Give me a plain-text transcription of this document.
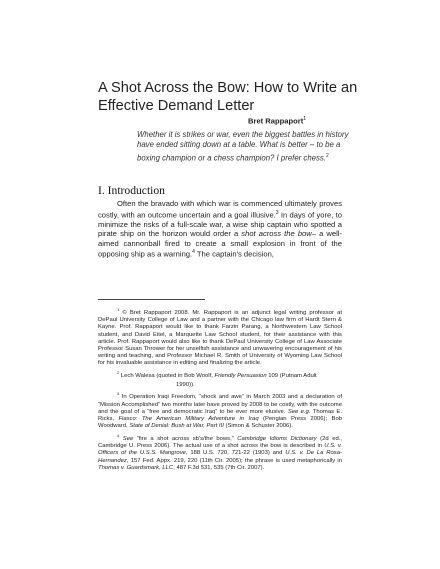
A Shot Across the Bow: How to Write an Effective Demand Letter
Bret Rappaport$^1$
Whether it is strikes or war, even the biggest battles in history have ended sitting down at a table. What is better – to be a boxing champion or a chess champion? I prefer chess.$^2$
I. Introduction

Often the bravado with which war is commenced ultimately proves costly, with an outcome uncertain and a goal illusive.$^3$ In days of yore, to minimize the risks of a full-scale war, a wise ship captain who spotted a pirate ship on the horizon would order a shot across the bow– a well-aimed cannonball fired to create a small explosion in front of the opposing ship as a warning.$^4$ The captain's decision,

$^1$ © Bret Rappaport 2008. Mr. Rappaport is an adjunct legal writing professor at DePaul University College of Law and a partner with the Chicago law firm of Hardt Stern & Kayne. Prof. Rappaport would like to thank Farzin Parang, a Northwestern Law School student, and David Eitel, a Marquette Law School student, for their assistance with this article. Prof. Rappaport would also like to thank DePaul University College of Law Associate Professor Susan Thrower for her unselfish assistance and unwavering encouragement of his writing and teaching, and Professor Michael R. Smith of University of Wyoming Law School for his invaluable assistance in editing and finalizing the article.

$^2$ Lech Walesa (quoted in Bob Woolf, Friendly Persuasion 109 (Putnam Adult

1990)).

$^3$ In Operation Iraqi Freedom, “shock and awe” in March 2003 and a declaration of “Mission Accomplished” two months later have proved by 2008 to be costly, with the outcome and the goal of a “free and democratic Iraq” to be ever more elusive. See e.g. Thomas E. Ricks, Fiasco: The American Military Adventure in Iraq (Pengian Press 2006); Bob Woodward, State of Denial: Bush at War, Part III (Simon & Schuster 2006).

$^4$ See “fire a shot across sb's/the bows,” Cambridge Idioms Dictionary (2d ed., Cambridge U. Press 2006). The actual use of a shot across the bow is described in U.S. v. Officers of the U.S.S. Mangrove, 188 U.S. 720, 721-22 (1903) and U.S. v. De La Rosa-Hernandez, 157 Fed. Appx. 219, 220 (11th Cir. 2005); the phrase is used metaphorically in Thomas v. Guardsmark, LLC, 487 F.3d 531, 535 (7th Cir. 2007).
